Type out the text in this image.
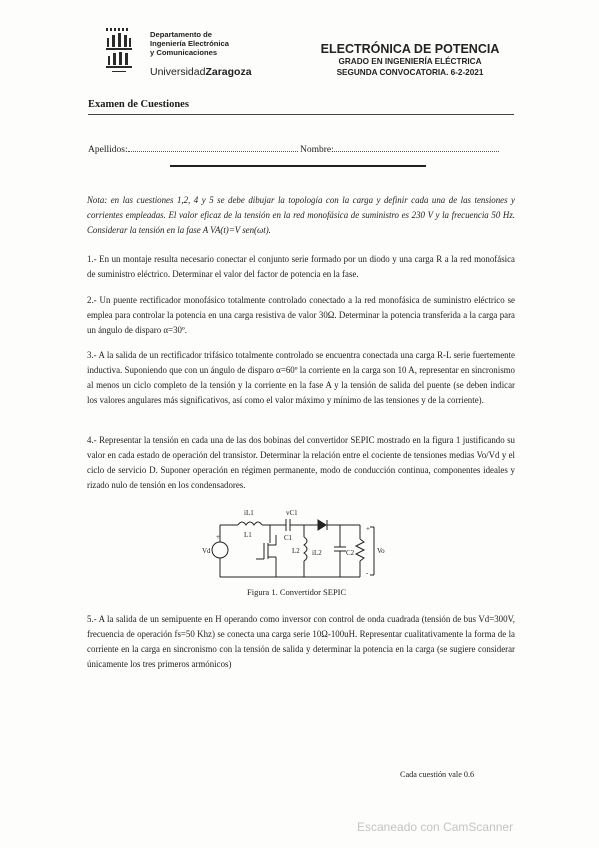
Departamento de
Ingeniería Electrónica
y Comunicaciones
UniversidadZaragoza
ELECTRÓNICA DE POTENCIA
GRADO EN INGENIERÍA ELÉCTRICA
SEGUNDA CONVOCATORIA. 6-2-2021
Examen de Cuestiones
Apellidos:	Nombre:
Nota: en las cuestiones 1,2, 4 y 5 se debe dibujar la topología con la carga y definir cada una de las tensiones y corrientes empleadas. El valor eficaz de la tensión en la red monofásica de suministro es 230 V y la frecuencia 50 Hz. Considerar la tensión en la fase A VA(t)=V sen(ωt).
1.- En un montaje resulta necesario conectar el conjunto serie formado por un diodo y una carga R a la red monofásica de suministro eléctrico. Determinar el valor del factor de potencia en la fase.
2.- Un puente rectificador monofásico totalmente controlado conectado a la red monofásica de suministro eléctrico se emplea para controlar la potencia en una carga resistiva de valor 30Ω. Determinar la potencia transferida a la carga para un ángulo de disparo α=30º.
3.- A la salida de un rectificador trifásico totalmente controlado se encuentra conectada una carga R-L serie fuertemente inductiva. Suponiendo que con un ángulo de disparo α=60º la corriente en la carga son 10 A, representar en sincronismo al menos un ciclo completo de la tensión y la corriente en la fase A y la tensión de salida del puente (se deben indicar los valores angulares más significativos, así como el valor máximo y mínimo de las tensiones y de la corriente).
4.- Representar la tensión en cada una de las dos bobinas del convertidor SEPIC mostrado en la figura 1 justificando su valor en cada estado de operación del transistor. Determinar la relación entre el cociente de tensiones medias Vo/Vd y el ciclo de servicio D. Suponer operación en régimen permanente, modo de conducción continua, componentes ideales y rizado nulo de tensión en los condensadores.
iL1	vC1
L1	C1
L2 iL2	C2
Vd	Vo
+
+
-
Figura 1. Convertidor SEPIC
5.- A la salida de un semipuente en H operando como inversor con control de onda cuadrada (tensión de bus Vd=300V, frecuencia de operación fs=50 Khz) se conecta una carga serie 10Ω-100uH. Representar cualitativamente la forma de la corriente en la carga en sincronismo con la tensión de salida y determinar la potencia en la carga (se sugiere considerar únicamente los tres primeros armónicos)
Cada cuestión vale 0.6
Escaneado con CamScanner
